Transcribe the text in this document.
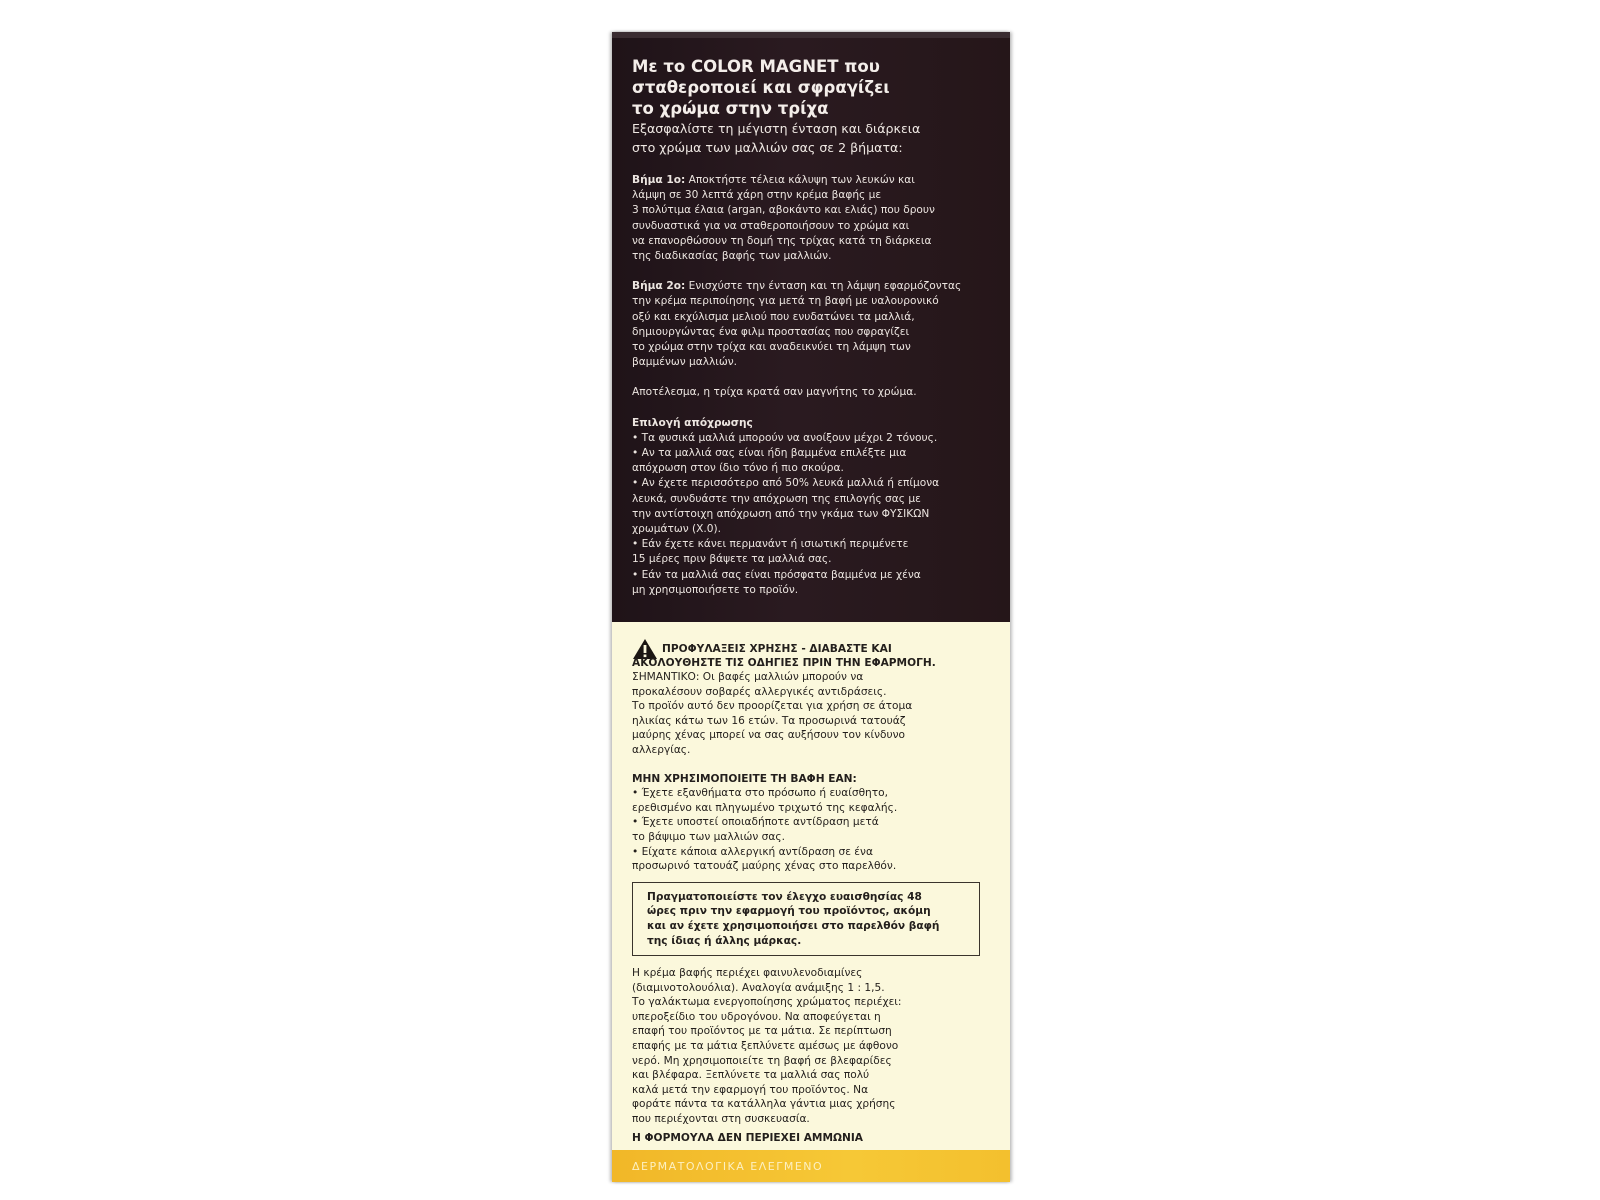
Με το COLOR MAGNET που

σταθεροποιεί και σφραγίζει

το χρώμα στην τρίχα

Εξασφαλίστε τη μέγιστη ένταση και διάρκεια

στο χρώμα των μαλλιών σας σε 2 βήματα:

Βήμα 1ο: Αποκτήστε τέλεια κάλυψη των λευκών και

λάμψη σε 30 λεπτά χάρη στην κρέμα βαφής με

3 πολύτιμα έλαια (argan, αβοκάντο και ελιάς) που δρουν

συνδυαστικά για να σταθεροποιήσουν το χρώμα και

να επανορθώσουν τη δομή της τρίχας κατά τη διάρκεια

της διαδικασίας βαφής των μαλλιών.

Βήμα 2ο: Ενισχύστε την ένταση και τη λάμψη εφαρμόζοντας

την κρέμα περιποίησης για μετά τη βαφή με υαλουρονικό

οξύ και εκχύλισμα μελιού που ενυδατώνει τα μαλλιά,

δημιουργώντας ένα φιλμ προστασίας που σφραγίζει

το χρώμα στην τρίχα και αναδεικνύει τη λάμψη των

βαμμένων μαλλιών.

Αποτέλεσμα, η τρίχα κρατά σαν μαγνήτης το χρώμα.

Επιλογή απόχρωσης

• Τα φυσικά μαλλιά μπορούν να ανοίξουν μέχρι 2 τόνους.

• Αν τα μαλλιά σας είναι ήδη βαμμένα επιλέξτε μια

απόχρωση στον ίδιο τόνο ή πιο σκούρα.

• Αν έχετε περισσότερο από 50% λευκά μαλλιά ή επίμονα

λευκά, συνδυάστε την απόχρωση της επιλογής σας με

την αντίστοιχη απόχρωση από την γκάμα των ΦΥΣΙΚΩΝ

χρωμάτων (X.0).

• Εάν έχετε κάνει περμανάντ ή ισιωτική περιμένετε

15 μέρες πριν βάψετε τα μαλλιά σας.

• Εάν τα μαλλιά σας είναι πρόσφατα βαμμένα με χένα

μη χρησιμοποιήσετε το προϊόν.

ΠΡΟΦΥΛΑΞΕΙΣ ΧΡΗΣΗΣ - ΔΙΑΒΑΣΤΕ ΚΑΙ
ΑΚΟΛΟΥΘΗΣΤΕ ΤΙΣ ΟΔΗΓΙΕΣ ΠΡΙΝ ΤΗΝ ΕΦΑΡΜΟΓΗ.

ΣΗΜΑΝΤΙΚΟ: Οι βαφές μαλλιών μπορούν να

προκαλέσουν σοβαρές αλλεργικές αντιδράσεις.

Το προϊόν αυτό δεν προορίζεται για χρήση σε άτομα

ηλικίας κάτω των 16 ετών. Τα προσωρινά τατουάζ

μαύρης χένας μπορεί να σας αυξήσουν τον κίνδυνο

αλλεργίας.

ΜΗΝ ΧΡΗΣΙΜΟΠΟΙΕΙΤΕ ΤΗ ΒΑΦΗ ΕΑΝ:

• Έχετε εξανθήματα στο πρόσωπο ή ευαίσθητο,

ερεθισμένο και πληγωμένο τριχωτό της κεφαλής.

• Έχετε υποστεί οποιαδήποτε αντίδραση μετά

το βάψιμο των μαλλιών σας.

• Είχατε κάποια αλλεργική αντίδραση σε ένα

προσωρινό τατουάζ μαύρης χένας στο παρελθόν.

Πραγματοποιείστε τον έλεγχο ευαισθησίας 48
ώρες πριν την εφαρμογή του προϊόντος, ακόμη
και αν έχετε χρησιμοποιήσει στο παρελθόν βαφή
της ίδιας ή άλλης μάρκας.

Η κρέμα βαφής περιέχει φαινυλενοδιαμίνες

(διαμινοτολουόλια). Αναλογία ανάμιξης 1 : 1,5.

Το γαλάκτωμα ενεργοποίησης χρώματος περιέχει:

υπεροξείδιο του υδρογόνου. Να αποφεύγεται η

επαφή του προϊόντος με τα μάτια. Σε περίπτωση

επαφής με τα μάτια ξεπλύνετε αμέσως με άφθονο

νερό. Μη χρησιμοποιείτε τη βαφή σε βλεφαρίδες

και βλέφαρα. Ξεπλύνετε τα μαλλιά σας πολύ

καλά μετά την εφαρμογή του προϊόντος. Να

φοράτε πάντα τα κατάλληλα γάντια μιας χρήσης

που περιέχονται στη συσκευασία.

Η ΦΟΡΜΟΥΛΑ ΔΕΝ ΠΕΡΙΕΧΕΙ ΑΜΜΩΝΙΑ

ΔΕΡΜΑΤΟΛΟΓΙΚΑ ΕΛΕΓΜΕΝΟ
